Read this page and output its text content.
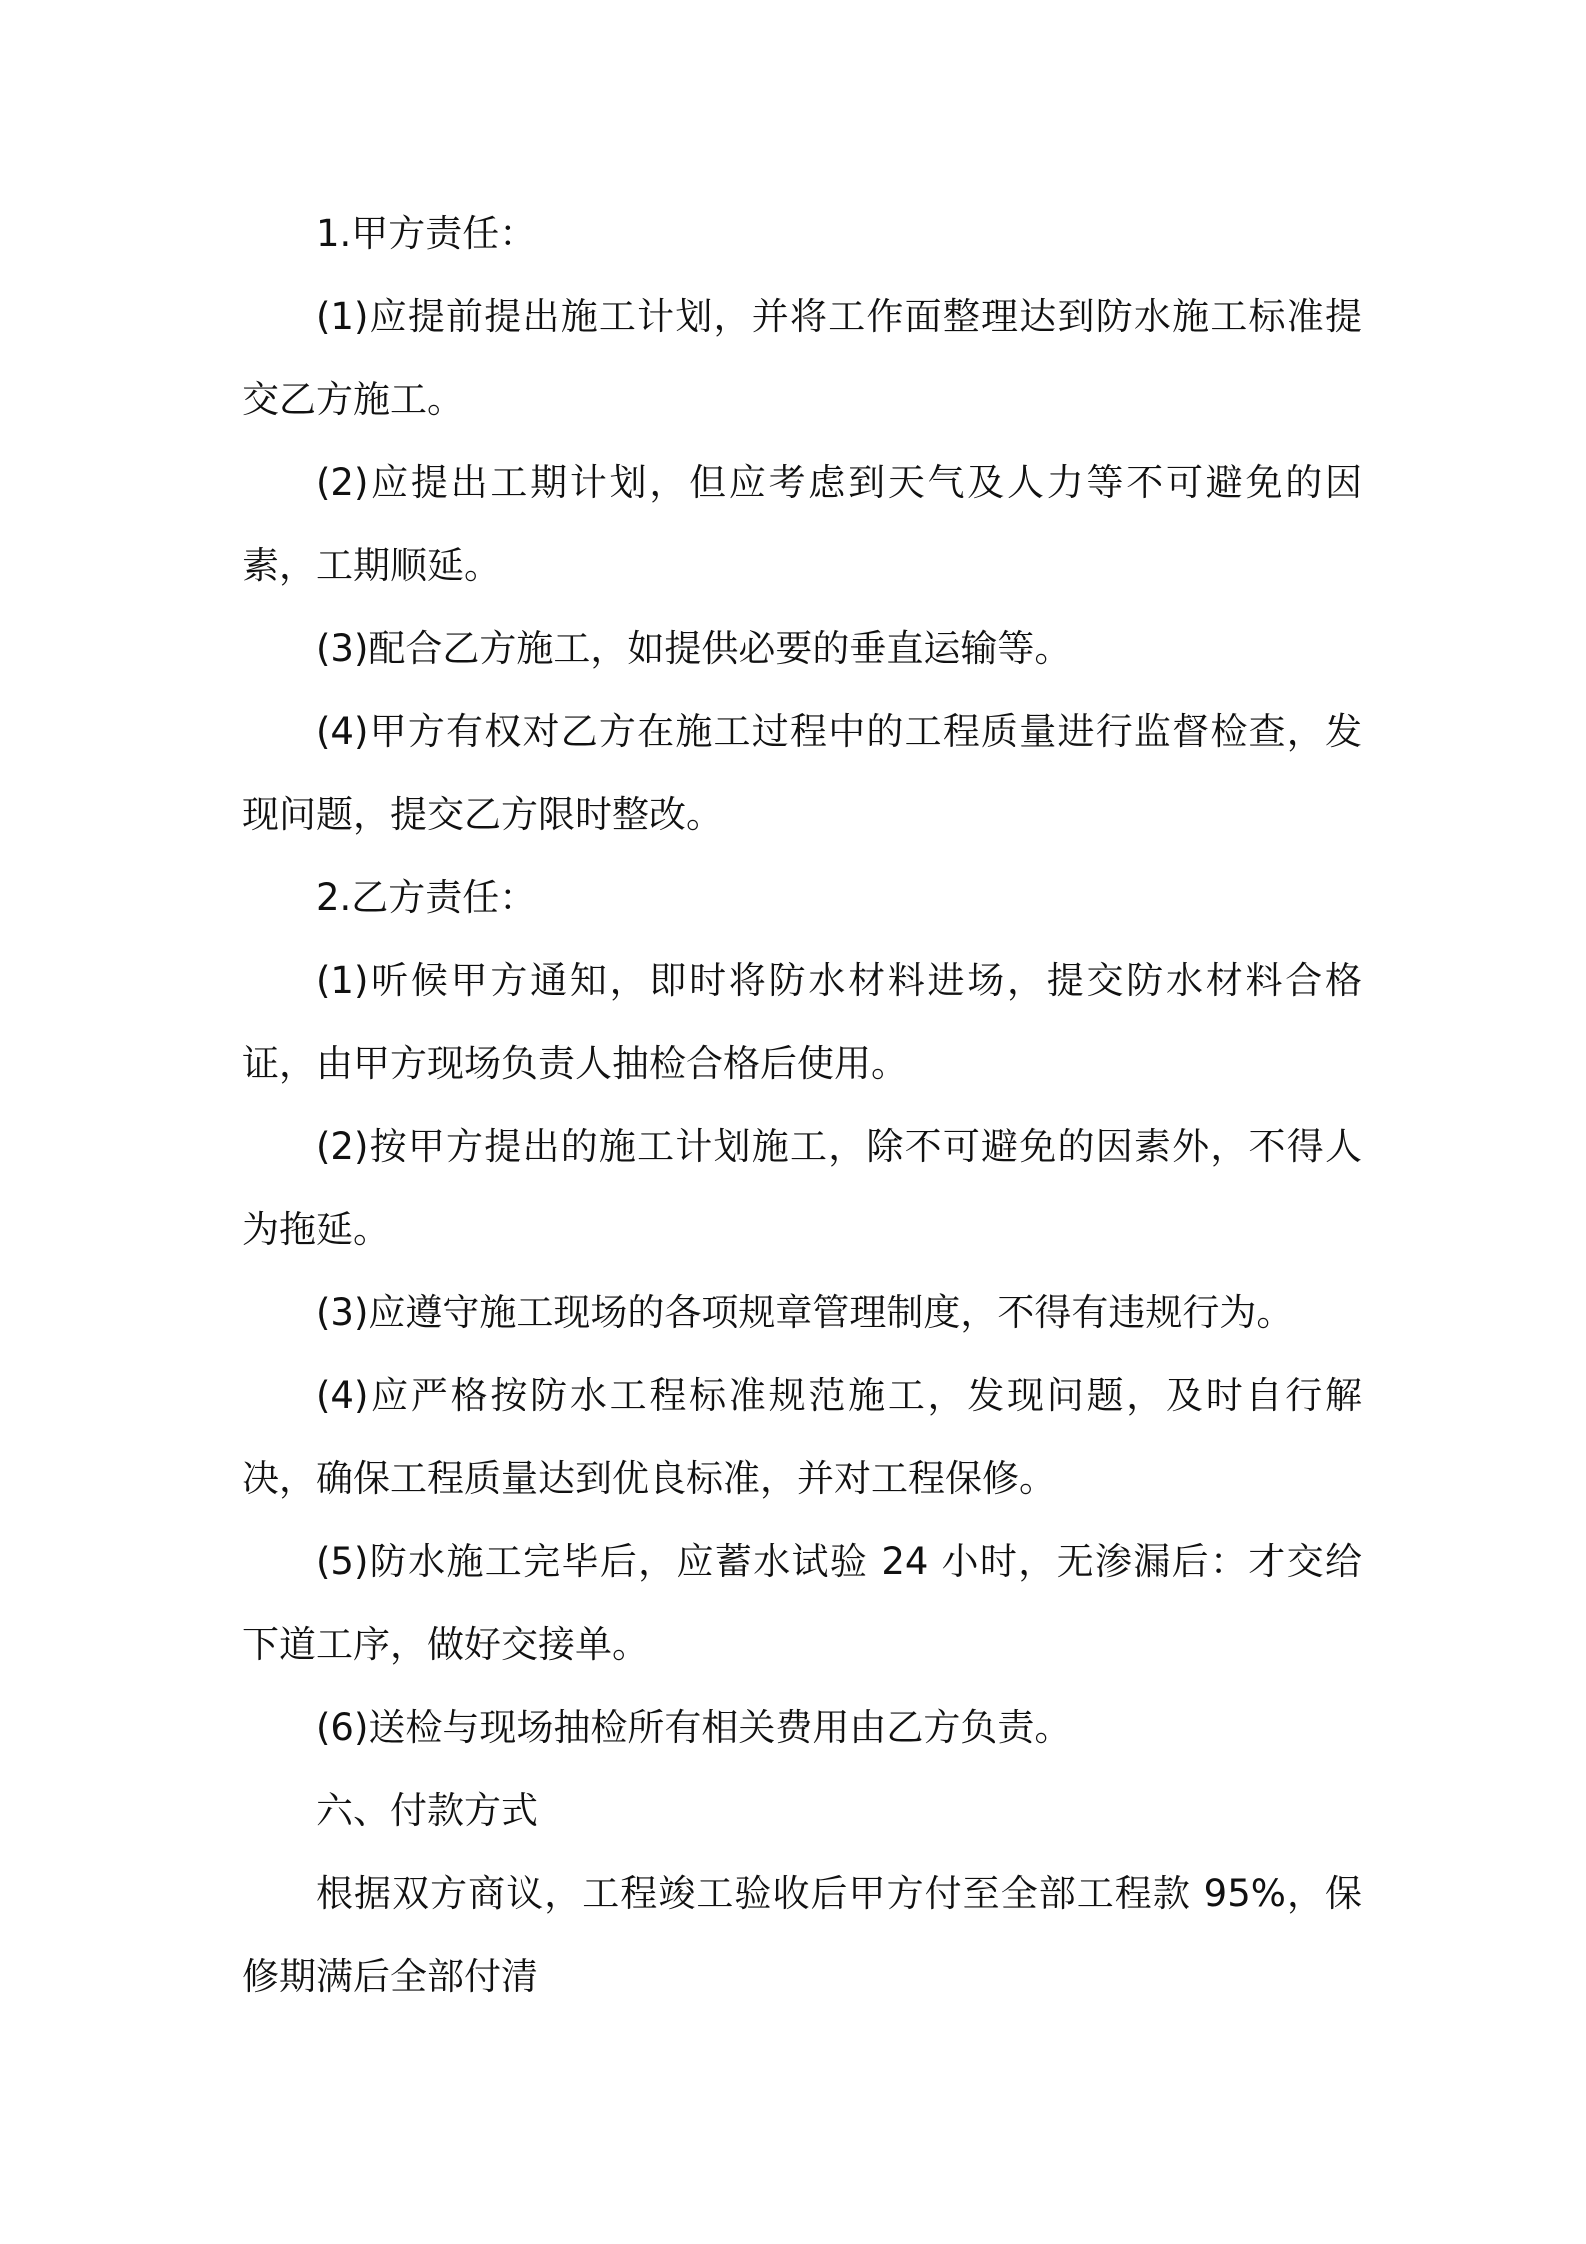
1.甲方责任：

(1)应提前提出施工计划，并将工作面整理达到防水施工标准提交乙方施工。

(2)应提出工期计划，但应考虑到天气及人力等不可避免的因素，工期顺延。

(3)配合乙方施工，如提供必要的垂直运输等。

(4)甲方有权对乙方在施工过程中的工程质量进行监督检查，发现问题，提交乙方限时整改。

2.乙方责任：

(1)听候甲方通知，即时将防水材料进场，提交防水材料合格证，由甲方现场负责人抽检合格后使用。

(2)按甲方提出的施工计划施工，除不可避免的因素外，不得人为拖延。

(3)应遵守施工现场的各项规章管理制度，不得有违规行为。

(4)应严格按防水工程标准规范施工，发现问题，及时自行解决，确保工程质量达到优良标准，并对工程保修。

(5)防水施工完毕后，应蓄水试验 24 小时，无渗漏后：才交给下道工序，做好交接单。

(6)送检与现场抽检所有相关费用由乙方负责。

六、付款方式

根据双方商议，工程竣工验收后甲方付至全部工程款 95%，保修期满后全部付清
